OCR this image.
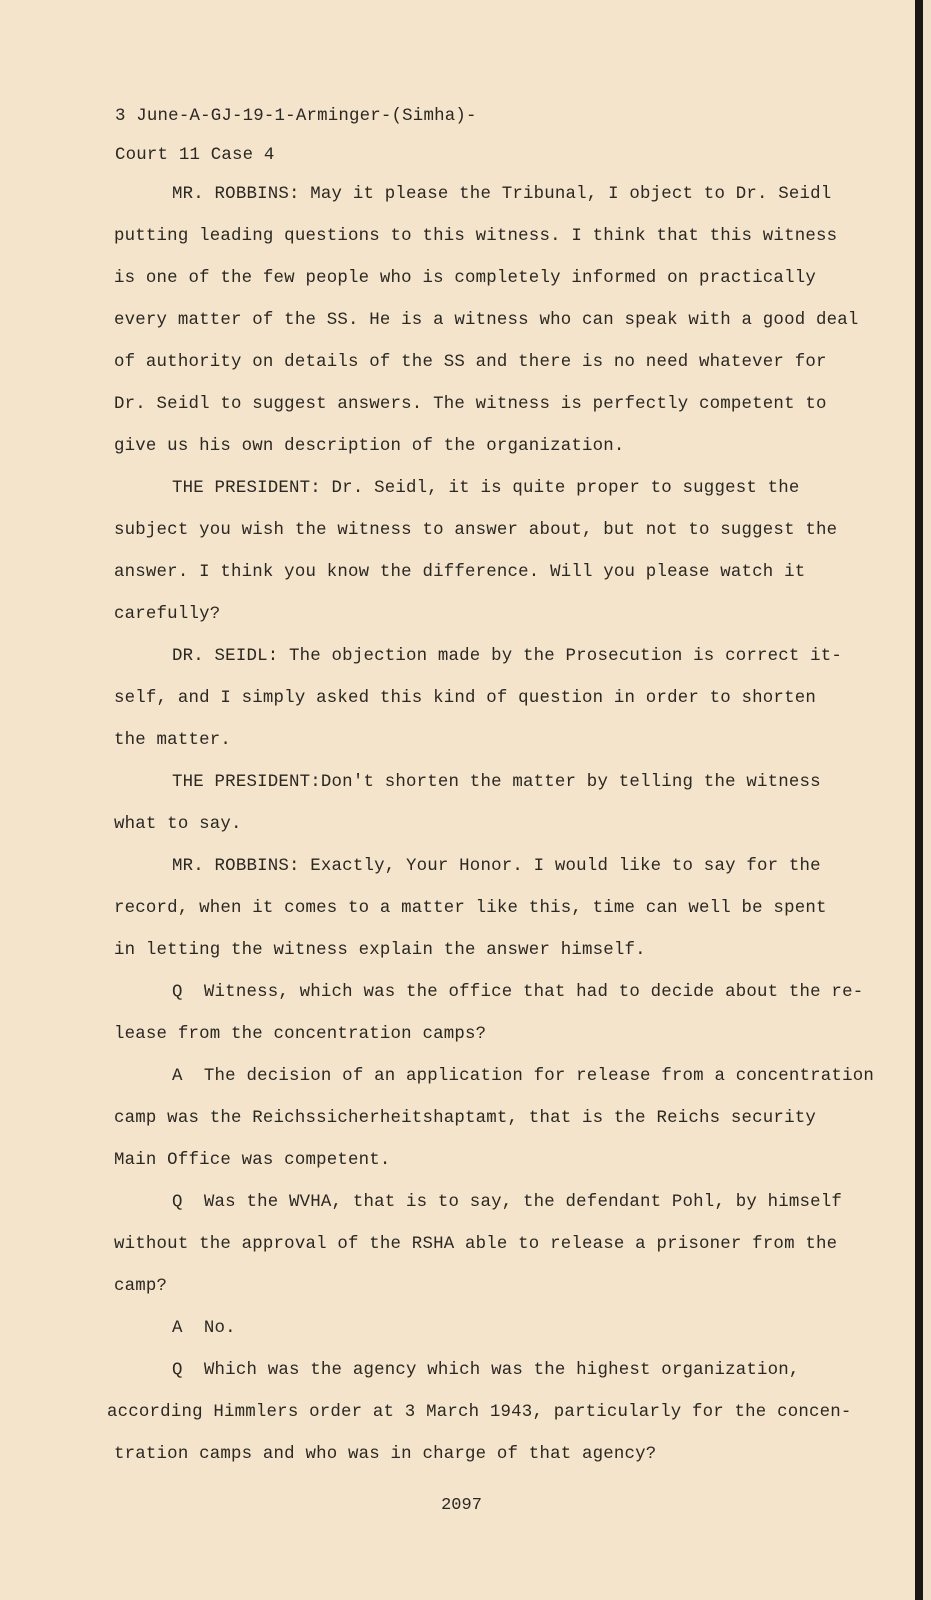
3 June-A-GJ-19-1-Arminger-(Simha)-
Court 11 Case 4
MR. ROBBINS: May it please the Tribunal, I object to Dr. Seidl
putting leading questions to this witness. I think that this witness
is one of the few people who is completely informed on practically
every matter of the SS. He is a witness who can speak with a good deal
of authority on details of the SS and there is no need whatever for
Dr. Seidl to suggest answers. The witness is perfectly competent to
give us his own description of the organization.
THE PRESIDENT: Dr. Seidl, it is quite proper to suggest the
subject you wish the witness to answer about, but not to suggest the
answer. I think you know the difference. Will you please watch it
carefully?
DR. SEIDL: The objection made by the Prosecution is correct it-
self, and I simply asked this kind of question in order to shorten
the matter.
THE PRESIDENT:Don't shorten the matter by telling the witness
what to say.
MR. ROBBINS: Exactly, Your Honor. I would like to say for the
record, when it comes to a matter like this, time can well be spent
in letting the witness explain the answer himself.
Q  Witness, which was the office that had to decide about the re-
lease from the concentration camps?
A  The decision of an application for release from a concentration
camp was the Reichssicherheitshaptamt, that is the Reichs security
Main Office was competent.
Q  Was the WVHA, that is to say, the defendant Pohl, by himself
without the approval of the RSHA able to release a prisoner from the
camp?
A  No.
Q  Which was the agency which was the highest organization,
according Himmlers order at 3 March 1943, particularly for the concen-
tration camps and who was in charge of that agency?
2097
